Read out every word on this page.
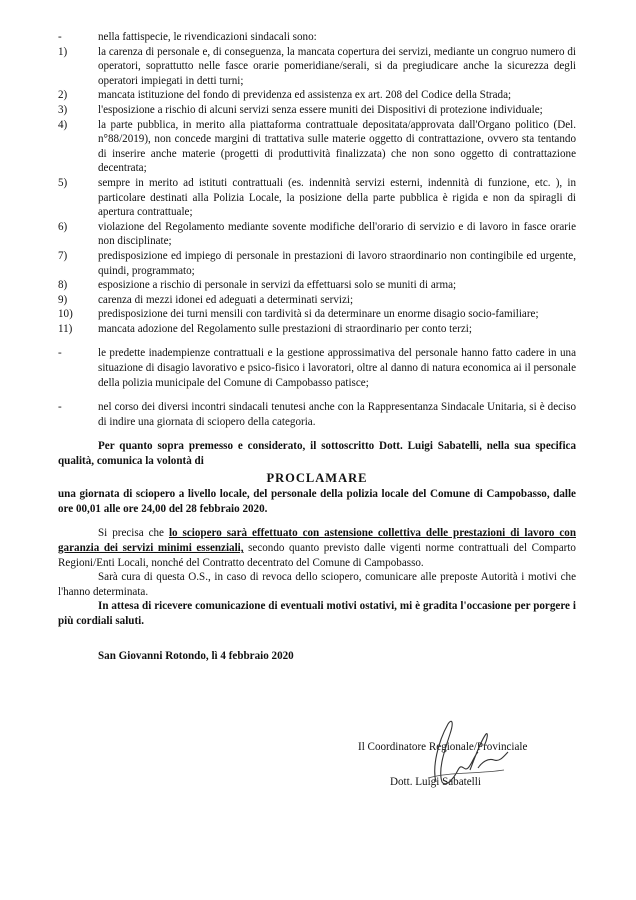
-	nella fattispecie, le rivendicazioni sindacali sono:
1)	la carenza di personale e, di conseguenza, la mancata copertura dei servizi, mediante un congruo numero di operatori, soprattutto nelle fasce orarie pomeridiane/serali, si da pregiudicare anche la sicurezza degli operatori impiegati in detti turni;
2)	mancata istituzione del fondo di previdenza ed assistenza ex art. 208 del Codice della Strada;
3)	l'esposizione a rischio di alcuni servizi senza essere muniti dei Dispositivi di protezione individuale;
4)	la parte pubblica, in merito alla piattaforma contrattuale depositata/approvata dall'Organo politico (Del. n°88/2019), non concede margini di trattativa sulle materie oggetto di contrattazione, ovvero sta tentando di inserire anche materie (progetti di produttività finalizzata) che non sono oggetto di contrattazione decentrata;
5)	sempre in merito ad istituti contrattuali (es. indennità servizi esterni, indennità di funzione, etc. ), in particolare destinati alla Polizia Locale, la posizione della parte pubblica è rigida e non da spiragli di apertura contrattuale;
6)	violazione del Regolamento mediante sovente modifiche dell'orario di servizio e di lavoro in fasce orarie non disciplinate;
7)	predisposizione ed impiego di personale in prestazioni di lavoro straordinario non contingibile ed urgente, quindi, programmato;
8)	esposizione a rischio di personale in servizi da effettuarsi solo se muniti di arma;
9)	carenza di mezzi idonei ed adeguati a determinati servizi;
10)	predisposizione dei turni mensili con tardività si da determinare un enorme disagio socio-familiare;
11)	mancata adozione del Regolamento sulle prestazioni di straordinario per conto terzi;
-	le predette inadempienze contrattuali e la gestione approssimativa del personale hanno fatto cadere in una situazione di disagio lavorativo e psico-fisico i lavoratori, oltre al danno di natura economica ai il personale della polizia municipale del Comune di Campobasso patisce;
-	nel corso dei diversi incontri sindacali tenutesi anche con la Rappresentanza Sindacale Unitaria, si è deciso di indire una giornata di sciopero della categoria.
Per quanto sopra premesso e considerato, il sottoscritto Dott. Luigi Sabatelli, nella sua specifica qualità, comunica la volontà di
PROCLAMARE
una giornata di sciopero a livello locale, del personale della polizia locale del Comune di Campobasso, dalle ore 00,01 alle ore 24,00 del 28 febbraio 2020.
Si precisa che lo sciopero sarà effettuato con astensione collettiva delle prestazioni di lavoro con garanzia dei servizi minimi essenziali, secondo quanto previsto dalle vigenti norme contrattuali del Comparto Regioni/Enti Locali, nonché del Contratto decentrato del Comune di Campobasso.
Sarà cura di questa O.S., in caso di revoca dello sciopero, comunicare alle preposte Autorità i motivi che l'hanno determinata.
In attesa di ricevere comunicazione di eventuali motivi ostativi, mi è gradita l'occasione per porgere i più cordiali saluti.
San Giovanni Rotondo, lì 4 febbraio 2020
Il Coordinatore Regionale/Provinciale
Dott. Luigi Sabatelli
